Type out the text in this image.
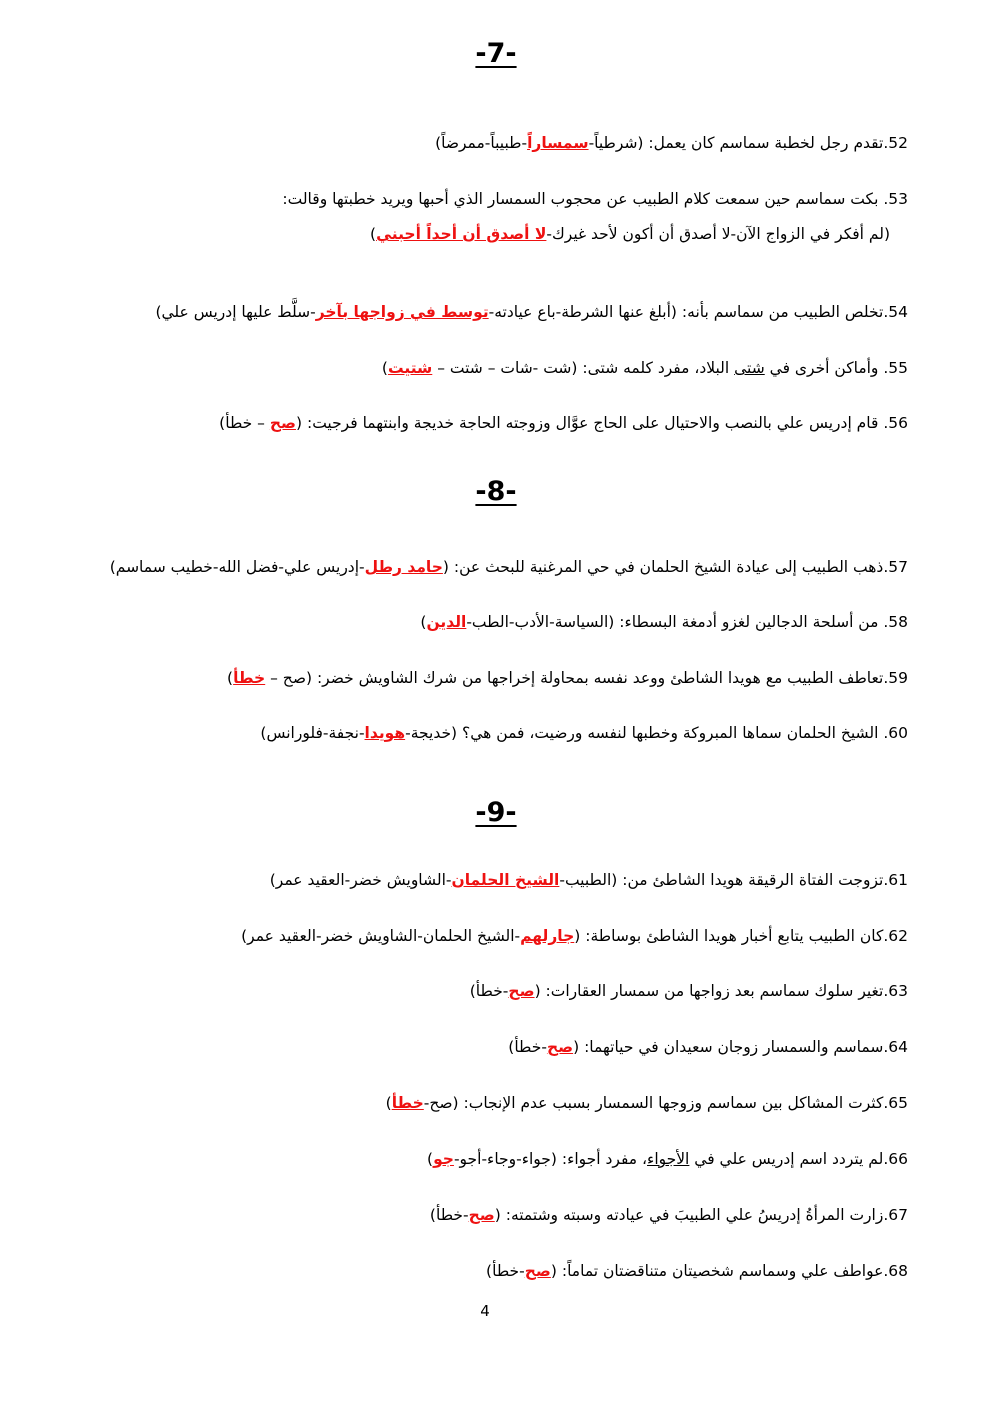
-7-
52.تقدم رجل لخطبة سماسم كان يعمل: (شرطياً-سمساراً-طبيباً-ممرضاً)
53. بكت سماسم حين سمعت كلام الطبيب عن محجوب السمسار الذي أحبها ويريد خطبتها وقالت:
(لم أفكر في الزواج الآن-لا أصدق أن أكون لأحد غيرك-لا أصدق أن أحداً أحبني)
54.تخلص الطبيب من سماسم بأنه: (أبلغ عنها الشرطة-باع عيادته-توسط في زواجها بآخر-سلَّط عليها إدريس علي)
55. وأماكن أخرى في شتى البلاد، مفرد كلمه شتى: (شت -شات – شتت – شتيت)
56. قام إدريس علي بالنصب والاحتيال على الحاج عوَّال وزوجته الحاجة خديجة وابنتهما فرجيت: (صح – خطأ)
-8-
57.ذهب الطبيب إلى عيادة الشيخ الحلمان في حي المرغنية للبحث عن: (حامد رطل-إدريس علي-فضل الله-خطيب سماسم)
58. من أسلحة الدجالين لغزو أدمغة البسطاء: (السياسة-الأدب-الطب-الدين)
59.تعاطف الطبيب مع هويدا الشاطئ ووعد نفسه بمحاولة إخراجها من شرك الشاويش خضر: (صح – خطأ)
60. الشيخ الحلمان سماها المبروكة وخطبها لنفسه ورضيت، فمن هي؟ (خديجة-هويدا-نجفة-فلورانس)
-9-
61.تزوجت الفتاة الرقيقة هويدا الشاطئ من: (الطبيب-الشيخ الحلمان-الشاويش خضر-العقيد عمر)
62.كان الطبيب يتابع أخبار هويدا الشاطئ بوساطة: (جارلهم-الشيخ الحلمان-الشاويش خضر-العقيد عمر)
63.تغير سلوك سماسم بعد زواجها من سمسار العقارات: (صح-خطأ)
64.سماسم والسمسار زوجان سعيدان في حياتهما: (صح-خطأ)
65.كثرت المشاكل بين سماسم وزوجها السمسار بسبب عدم الإنجاب: (صح-خطأ)
66.لم يتردد اسم إدريس علي في الأجواء، مفرد أجواء: (جواء-وجاء-أجو-جو)
67.زارت المرأةُ إدريسُ علي الطبيبَ في عيادته وسبته وشتمته: (صح-خطأ)
68.عواطف علي وسماسم شخصيتان متناقضتان تماماً: (صح-خطأ)
4
